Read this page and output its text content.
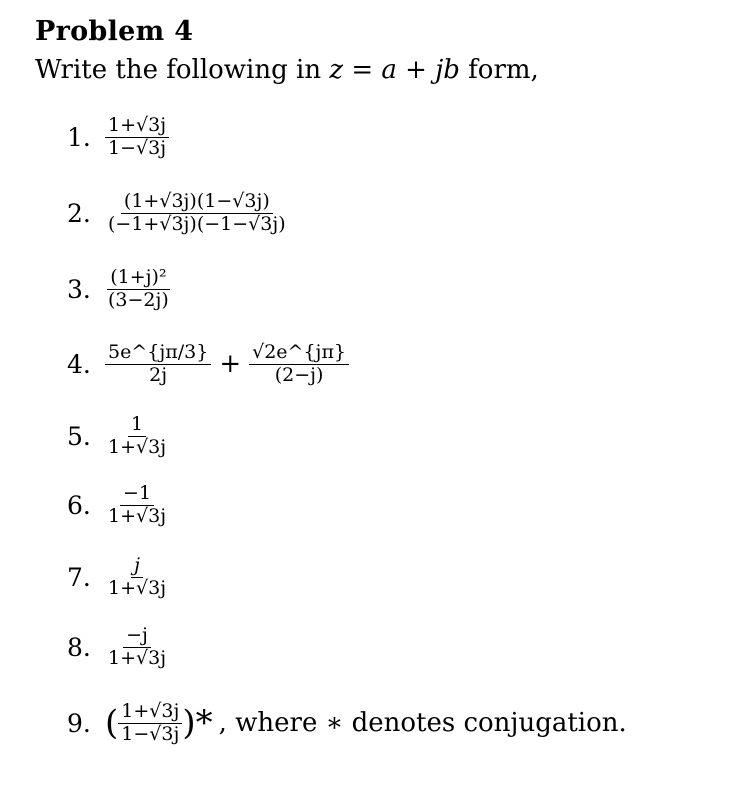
Problem 4
Write the following in z = a + jb form,
1. $\frac{1+√3j}{1-√3j}$
2. $\frac{(1+√3j)(1-√3j)}{(-1+√3j)(-1-√3j)}$
3. $\frac{\text{(1+j)²}}{(3-2j)}$
4. $\frac{5e\^{}\{j\pi/3\}}{2j} + \frac{√2e\^{}\{j\pi\}}{(2-j)}$
5. $\frac{1}{1+√3j}$
6. $\frac{-1}{1+√3j}$
7. $\frac{j}{1+√3j}$
8. $\frac{-j}{1+√3j}$
9. ( $\frac{1+√3j}{1-√3j}$ )* , where ∗ denotes conjugation.
